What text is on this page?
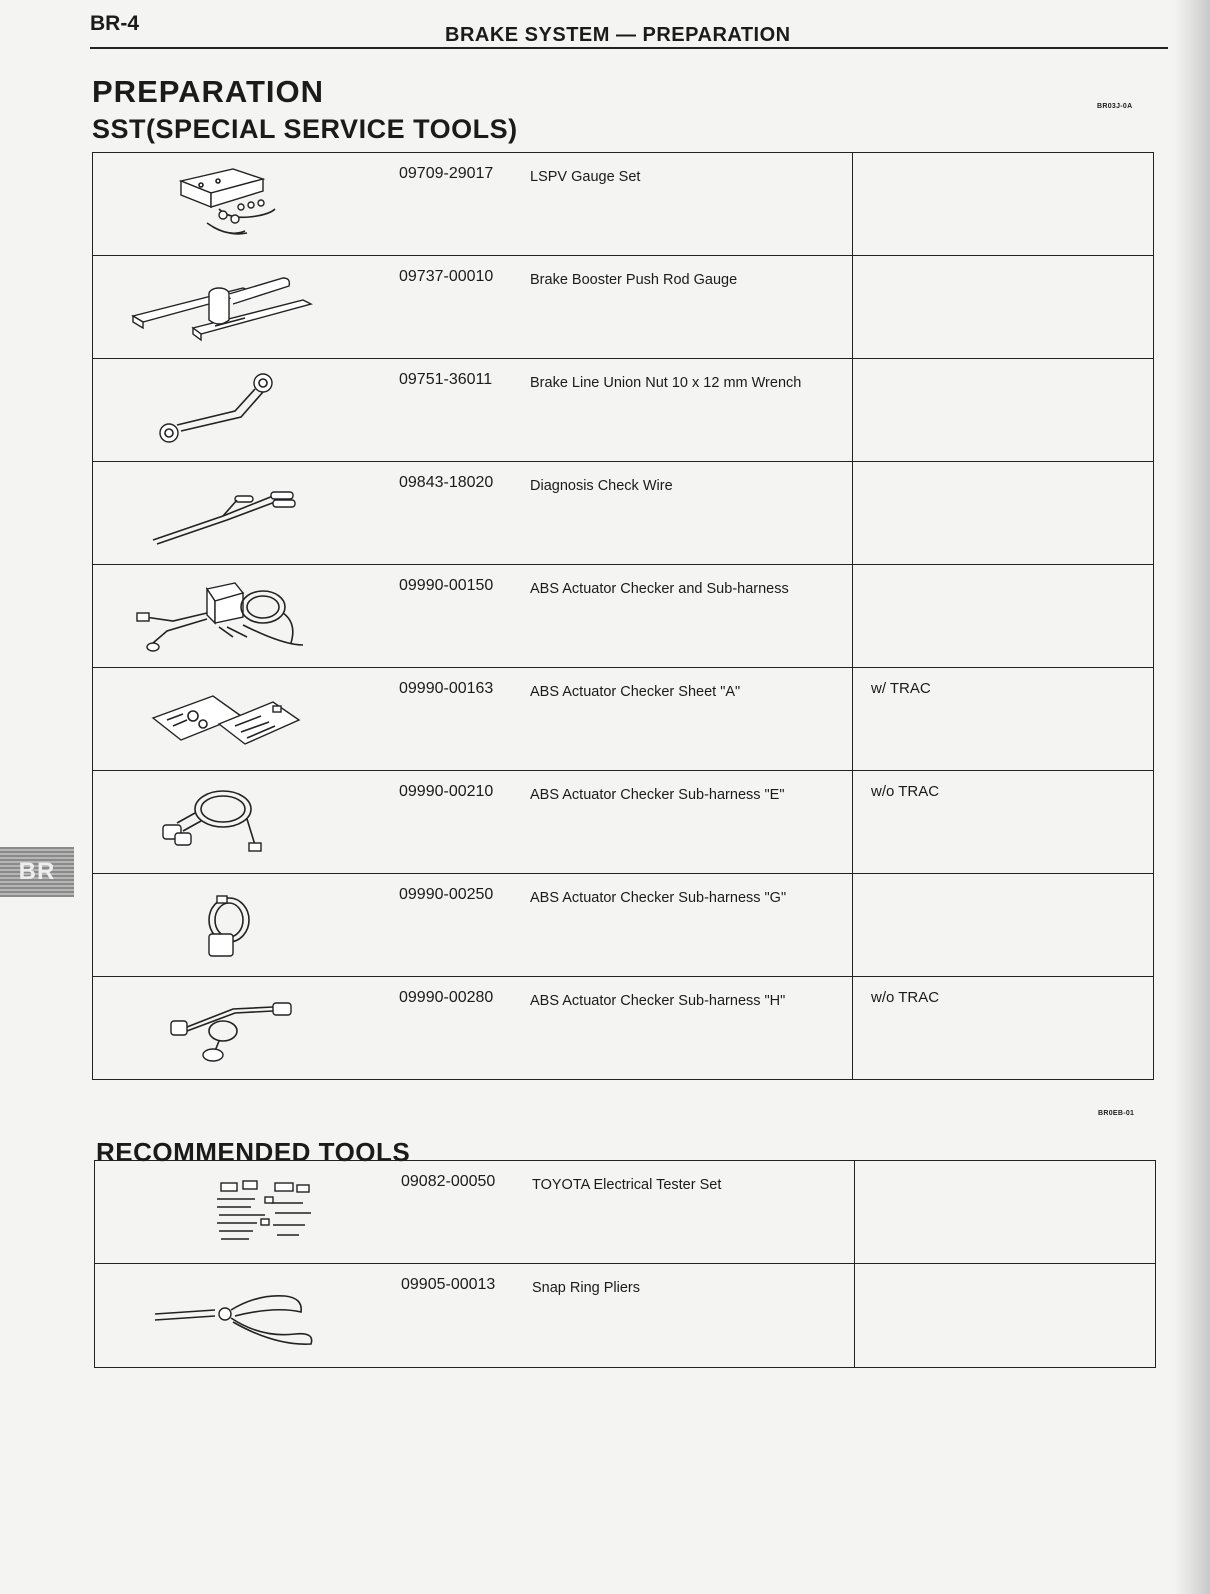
BR-4	BRAKE SYSTEM — PREPARATION
PREPARATION
SST(SPECIAL SERVICE TOOLS)
BR03J-0A
09709-29017	LSPV Gauge Set
09737-00010	Brake Booster Push Rod Gauge
09751-36011	Brake Line Union Nut 10 x 12 mm Wrench
09843-18020	Diagnosis Check Wire
09990-00150	ABS Actuator Checker and Sub-harness
09990-00163	ABS Actuator Checker Sheet "A"	w/ TRAC
09990-00210	ABS Actuator Checker Sub-harness "E"	w/o TRAC
09990-00250	ABS Actuator Checker Sub-harness "G"
09990-00280	ABS Actuator Checker Sub-harness "H"	w/o TRAC
BR0EB-01
RECOMMENDED TOOLS
09082-00050	TOYOTA Electrical Tester Set
09905-00013	Snap Ring Pliers
BR
